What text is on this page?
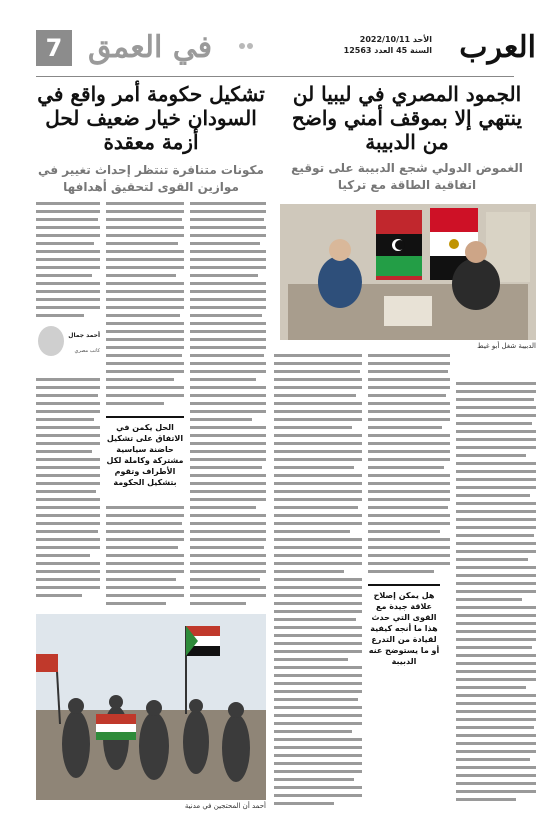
العرب
الأحد 2022/10/11
السنة 45 العدد 12563
في العمق
7
الجمود المصري في ليبيا لن ينتهي إلا بموقف أمني واضح من الدبيبة
الغموض الدولي شجع الدبيبة على توقيع اتفاقية الطاقة مع تركيا
تشكيل حكومة أمر واقع في السودان خيار ضعيف لحل أزمة معقدة
مكونات متنافرة تنتظر إحداث تغيير في موازين القوى لتحقيق أهدافها
الدبيبة شغل أبو غيط
هل يمكن إصلاح علاقة جيدة مع القوى التي حدث هذا ما أنجه كيفية لقيادة من التدرع أو ما يستوضح عنه الدبيبة
الحل يكمن في الاتفاق على تشكيل حاضنة سياسية مشتركة وكاملة لكل الأطراف وتقوم بتشكيل الحكومة
أحمد جمال
كاتب مصري
أحمد أن المحتجين في مدنية
